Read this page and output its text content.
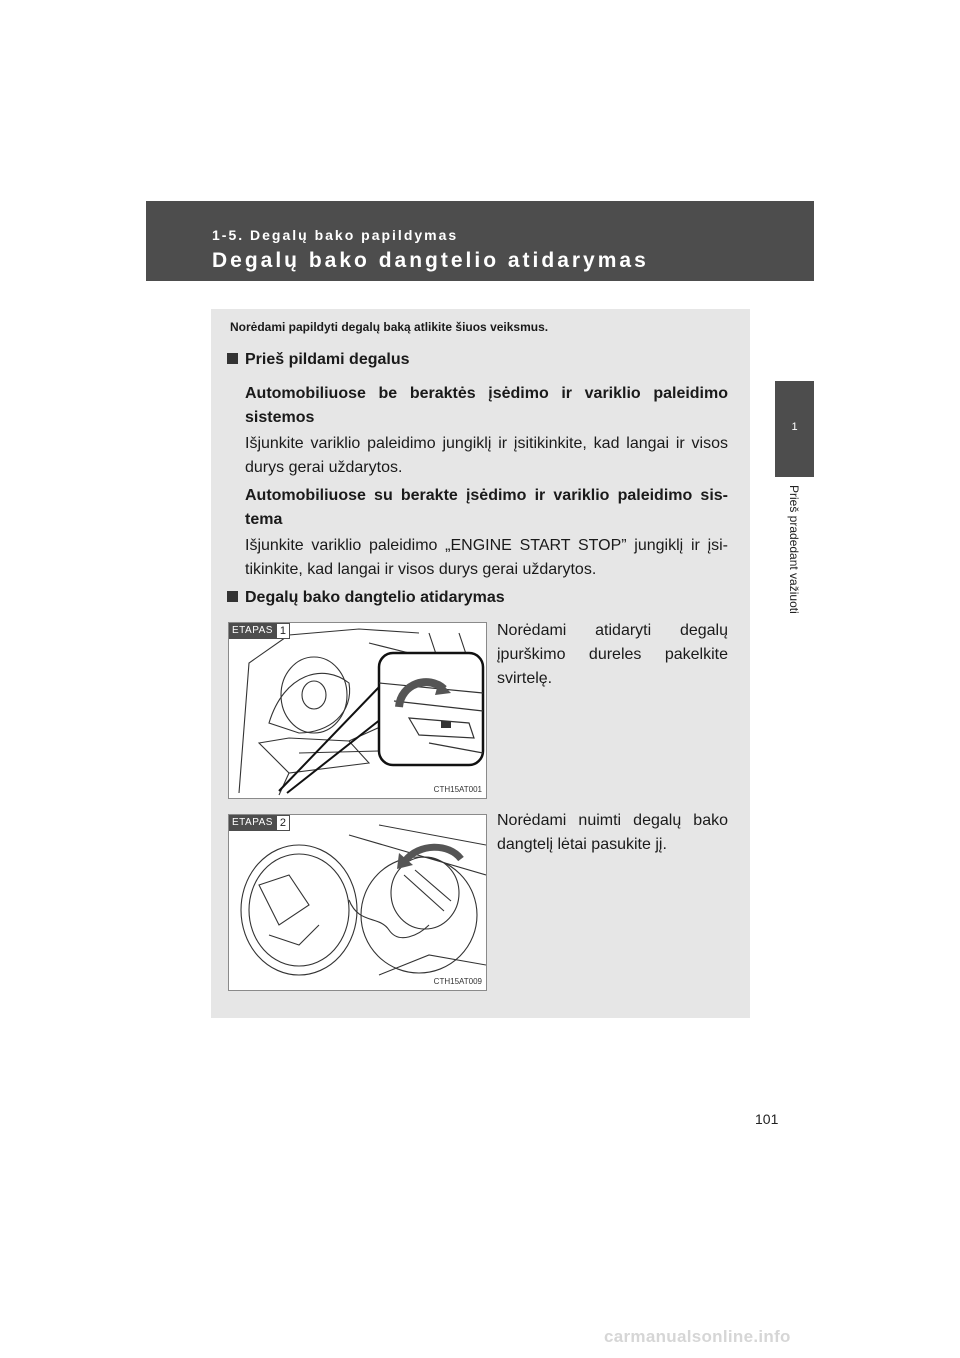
1-5. Degalų bako papildymas
Degalų bako dangtelio atidarymas
1
Prieš pradedant važiuoti
Norėdami papildyti degalų baką atlikite šiuos veiksmus.
Prieš pildami degalus
Automobiliuose be beraktės įsėdimo ir variklio paleidimo sistemos
Išjunkite variklio paleidimo jungiklį ir įsitikinkite, kad langai ir visos durys gerai uždarytos.
Automobiliuose su berakte įsėdimo ir variklio paleidimo sis- tema
Išjunkite variklio paleidimo „ENGINE START STOP” jungiklį ir įsi- tikinkite, kad langai ir visos durys gerai uždarytos.
Degalų bako dangtelio atidarymas
ETAPAS 1
CTH15AT001
Norėdami atidaryti degalų įpurškimo dureles pakelkite svirtelę.
ETAPAS 2
CTH15AT009
Norėdami nuimti degalų bako dangtelį lėtai pasukite jį.
101
carmanualsonline.info
